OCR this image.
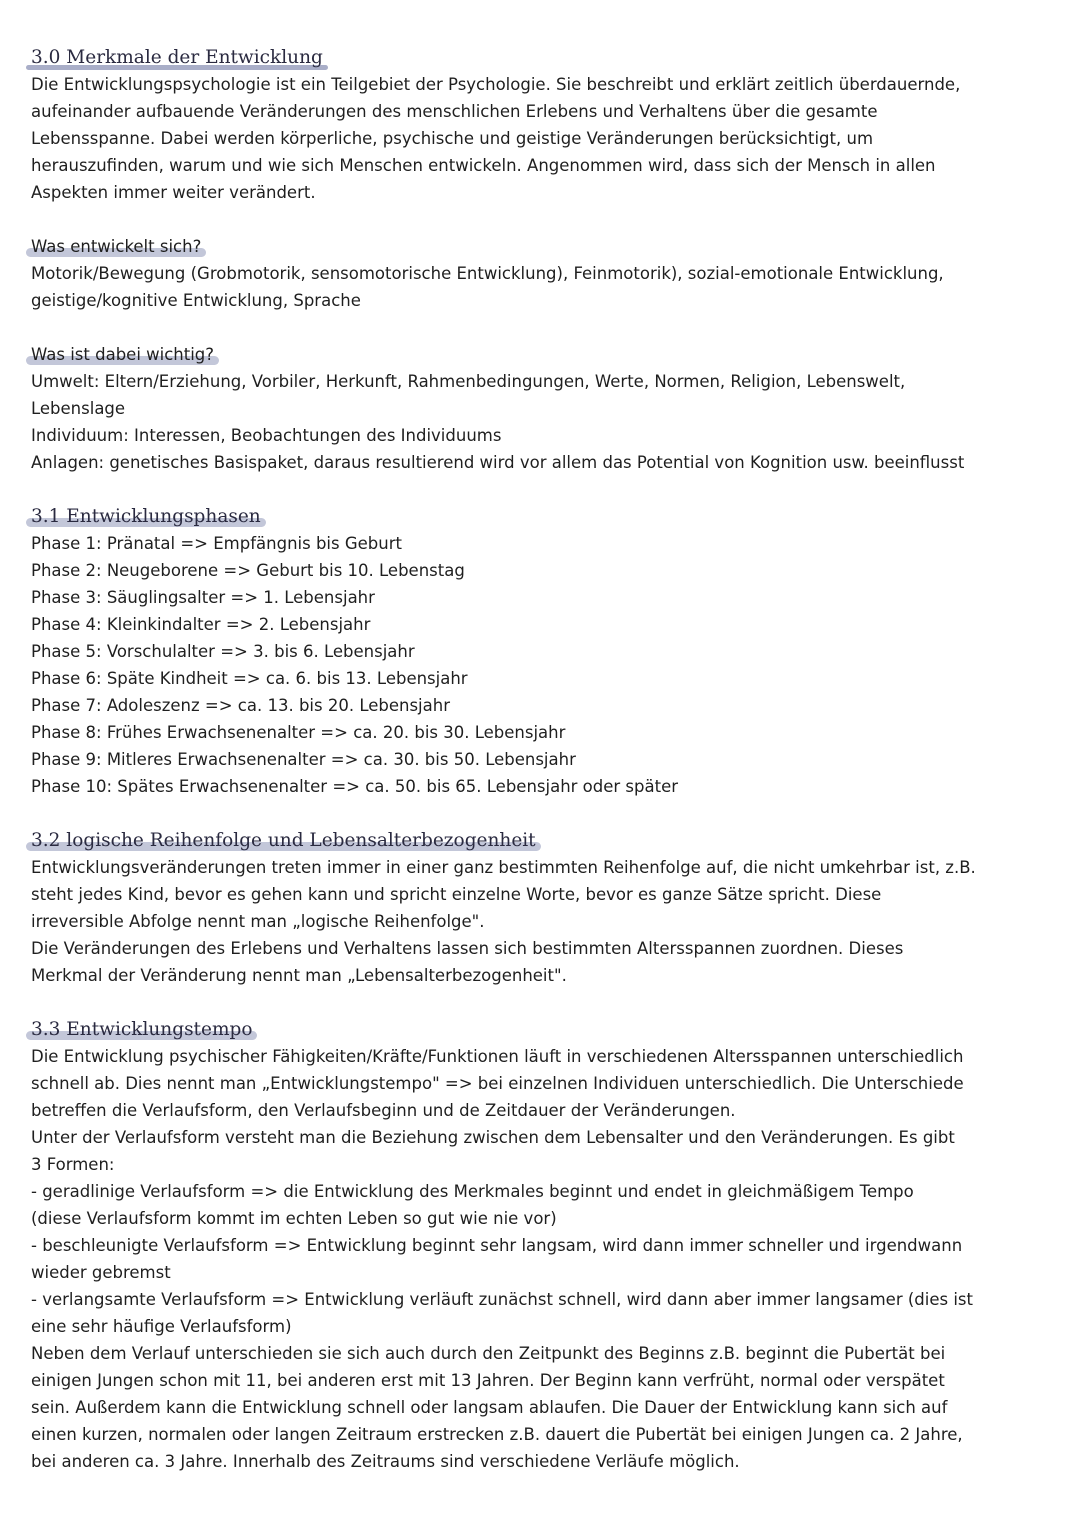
3.0 Merkmale der Entwicklung

Die Entwicklungspsychologie ist ein Teilgebiet der Psychologie. Sie beschreibt und erklärt zeitlich überdauernde,

aufeinander aufbauende Veränderungen des menschlichen Erlebens und Verhaltens über die gesamte

Lebensspanne. Dabei werden körperliche, psychische und geistige Veränderungen berücksichtigt, um

herauszufinden, warum und wie sich Menschen entwickeln. Angenommen wird, dass sich der Mensch in allen

Aspekten immer weiter verändert.

Was entwickelt sich?

Motorik/Bewegung (Grobmotorik, sensomotorische Entwicklung), Feinmotorik), sozial-emotionale Entwicklung,

geistige/kognitive Entwicklung, Sprache

Was ist dabei wichtig?

Umwelt: Eltern/Erziehung, Vorbiler, Herkunft, Rahmenbedingungen, Werte, Normen, Religion, Lebenswelt,

Lebenslage

Individuum: Interessen, Beobachtungen des Individuums

Anlagen: genetisches Basispaket, daraus resultierend wird vor allem das Potential von Kognition usw. beeinflusst

3.1 Entwicklungsphasen

Phase 1: Pränatal => Empfängnis bis Geburt

Phase 2: Neugeborene => Geburt bis 10. Lebenstag

Phase 3: Säuglingsalter => 1. Lebensjahr

Phase 4: Kleinkindalter => 2. Lebensjahr

Phase 5: Vorschulalter => 3. bis 6. Lebensjahr

Phase 6: Späte Kindheit => ca. 6. bis 13. Lebensjahr

Phase 7: Adoleszenz => ca. 13. bis 20. Lebensjahr

Phase 8: Frühes Erwachsenenalter => ca. 20. bis 30. Lebensjahr

Phase 9: Mitleres Erwachsenenalter => ca. 30. bis 50. Lebensjahr

Phase 10: Spätes Erwachsenenalter => ca. 50. bis 65. Lebensjahr oder später

3.2 logische Reihenfolge und Lebensalterbezogenheit

Entwicklungsveränderungen treten immer in einer ganz bestimmten Reihenfolge auf, die nicht umkehrbar ist, z.B.

steht jedes Kind, bevor es gehen kann und spricht einzelne Worte, bevor es ganze Sätze spricht. Diese

irreversible Abfolge nennt man „logische Reihenfolge".

Die Veränderungen des Erlebens und Verhaltens lassen sich bestimmten Altersspannen zuordnen. Dieses

Merkmal der Veränderung nennt man „Lebensalterbezogenheit".

3.3 Entwicklungstempo

Die Entwicklung psychischer Fähigkeiten/Kräfte/Funktionen läuft in verschiedenen Altersspannen unterschiedlich

schnell ab. Dies nennt man „Entwicklungstempo" => bei einzelnen Individuen unterschiedlich. Die Unterschiede

betreffen die Verlaufsform, den Verlaufsbeginn und de Zeitdauer der Veränderungen.

Unter der Verlaufsform versteht man die Beziehung zwischen dem Lebensalter und den Veränderungen. Es gibt

3 Formen:

- geradlinige Verlaufsform => die Entwicklung des Merkmales beginnt und endet in gleichmäßigem Tempo

(diese Verlaufsform kommt im echten Leben so gut wie nie vor)

- beschleunigte Verlaufsform => Entwicklung beginnt sehr langsam, wird dann immer schneller und irgendwann

wieder gebremst

- verlangsamte Verlaufsform => Entwicklung verläuft zunächst schnell, wird dann aber immer langsamer (dies ist

eine sehr häufige Verlaufsform)

Neben dem Verlauf unterschieden sie sich auch durch den Zeitpunkt des Beginns z.B. beginnt die Pubertät bei

einigen Jungen schon mit 11, bei anderen erst mit 13 Jahren. Der Beginn kann verfrüht, normal oder verspätet

sein. Außerdem kann die Entwicklung schnell oder langsam ablaufen. Die Dauer der Entwicklung kann sich auf

einen kurzen, normalen oder langen Zeitraum erstrecken z.B. dauert die Pubertät bei einigen Jungen ca. 2 Jahre,

bei anderen ca. 3 Jahre. Innerhalb des Zeitraums sind verschiedene Verläufe möglich.
